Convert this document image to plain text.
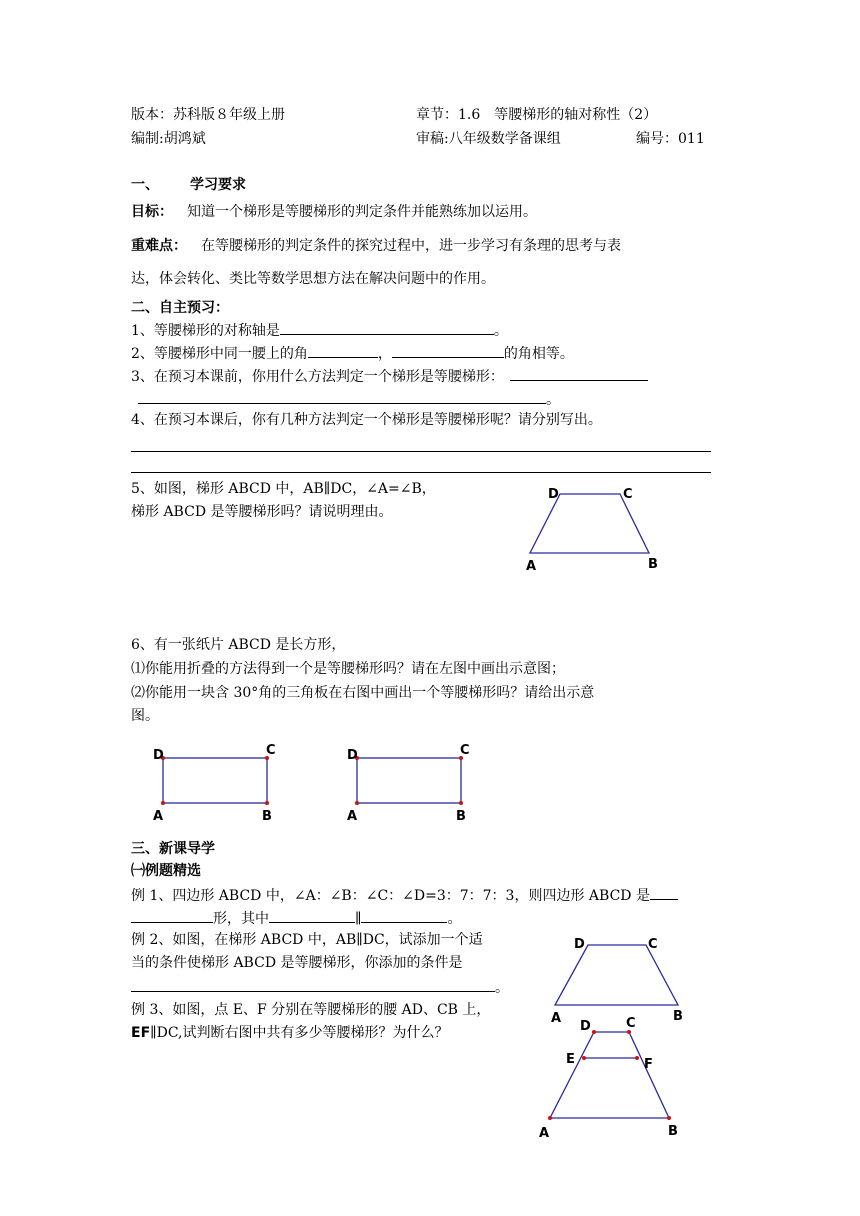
版本：苏科版８年级上册	章节：1.6　等腰梯形的轴对称性（2）
编制:胡鸿斌	审稿:八年级数学备课组	编号：011
一、 学习要求
目标： 知道一个梯形是等腰梯形的判定条件并能熟练加以运用。
重难点： 在等腰梯形的判定条件的探究过程中，进一步学习有条理的思考与表
达，体会转化、类比等数学思想方法在解决问题中的作用。
二、自主预习：
1、等腰梯形的对称轴是	。
2、等腰梯形中同一腰上的角	，	的角相等。
3、在预习本课前，你用什么方法判定一个梯形是等腰梯形：
。
4、在预习本课后，你有几种方法判定一个梯形是等腰梯形呢？请分别写出。
5、如图，梯形 ABCD 中，AB∥DC，∠A=∠B，
梯形 ABCD 是等腰梯形吗？请说明理由。
D	C
A	B
6、有一张纸片 ABCD 是长方形，
⑴你能用折叠的方法得到一个是等腰梯形吗？请在左图中画出示意图；
⑵你能用一块含 30°角的三角板在右图中画出一个等腰梯形吗？请给出示意
图。
D	C
A	B
D	C
A	B
三、新课导学
㈠例题精选
例 1、四边形 ABCD 中，∠A：∠B：∠C：∠D=3：7：7：3，则四边形 ABCD 是
形，其中	∥	。
例 2、如图，在梯形 ABCD 中，AB∥DC，试添加一个适
当的条件使梯形 ABCD 是等腰梯形，你添加的条件是
。
例 3、如图，点 E、F 分别在等腰梯形的腰 AD、CB 上，
EF∥DC,试判断右图中共有多少等腰梯形？为什么？
D	C
A	B
D	C
E	F
A	B
